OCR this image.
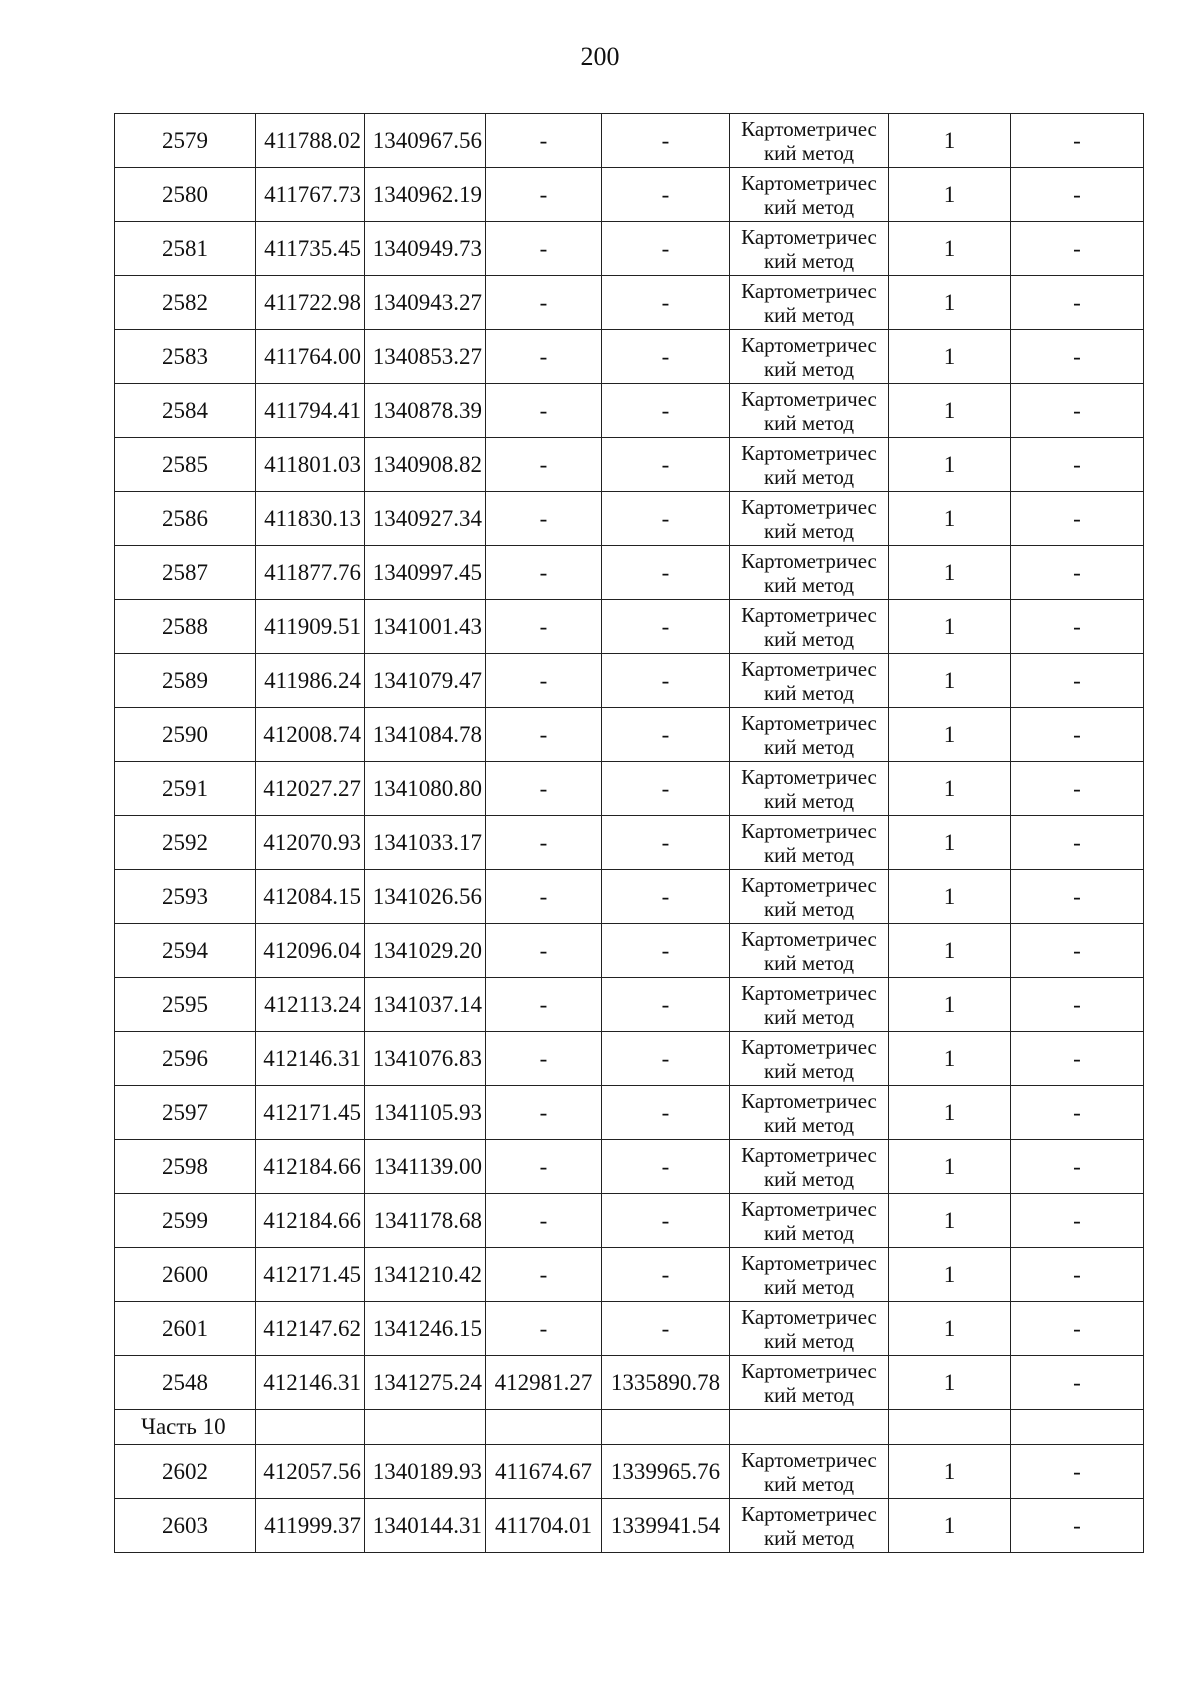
200
2579	411788.02	1340967.56	-	-	Картометричес кий метод	1	-
2580	411767.73	1340962.19	-	-	Картометричес кий метод	1	-
2581	411735.45	1340949.73	-	-	Картометричес кий метод	1	-
2582	411722.98	1340943.27	-	-	Картометричес кий метод	1	-
2583	411764.00	1340853.27	-	-	Картометричес кий метод	1	-
2584	411794.41	1340878.39	-	-	Картометричес кий метод	1	-
2585	411801.03	1340908.82	-	-	Картометричес кий метод	1	-
2586	411830.13	1340927.34	-	-	Картометричес кий метод	1	-
2587	411877.76	1340997.45	-	-	Картометричес кий метод	1	-
2588	411909.51	1341001.43	-	-	Картометричес кий метод	1	-
2589	411986.24	1341079.47	-	-	Картометричес кий метод	1	-
2590	412008.74	1341084.78	-	-	Картометричес кий метод	1	-
2591	412027.27	1341080.80	-	-	Картометричес кий метод	1	-
2592	412070.93	1341033.17	-	-	Картометричес кий метод	1	-
2593	412084.15	1341026.56	-	-	Картометричес кий метод	1	-
2594	412096.04	1341029.20	-	-	Картометричес кий метод	1	-
2595	412113.24	1341037.14	-	-	Картометричес кий метод	1	-
2596	412146.31	1341076.83	-	-	Картометричес кий метод	1	-
2597	412171.45	1341105.93	-	-	Картометричес кий метод	1	-
2598	412184.66	1341139.00	-	-	Картометричес кий метод	1	-
2599	412184.66	1341178.68	-	-	Картометричес кий метод	1	-
2600	412171.45	1341210.42	-	-	Картометричес кий метод	1	-
2601	412147.62	1341246.15	-	-	Картометричес кий метод	1	-
2548	412146.31	1341275.24	412981.27	1335890.78	Картометричес кий метод	1	-
Часть 10							
2602	412057.56	1340189.93	411674.67	1339965.76	Картометричес кий метод	1	-
2603	411999.37	1340144.31	411704.01	1339941.54	Картометричес кий метод	1	-
